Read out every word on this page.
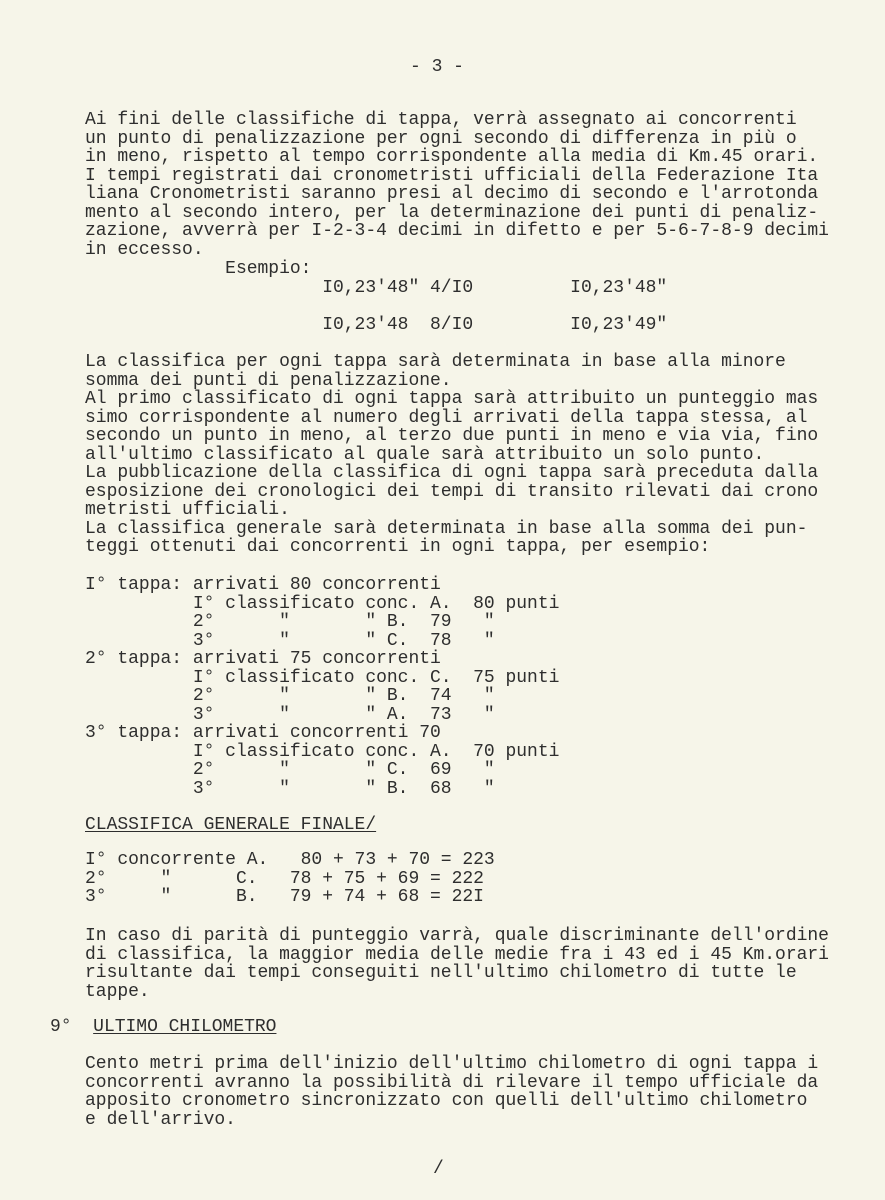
- 3 -
Ai fini delle classifiche di tappa, verrà assegnato ai concorrenti
un punto di penalizzazione per ogni secondo di differenza in più o
in meno, rispetto al tempo corrispondente alla media di Km.45 orari.
I tempi registrati dai cronometristi ufficiali della Federazione Ita
liana Cronometristi saranno presi al decimo di secondo e l'arrotonda
mento al secondo intero, per la determinazione dei punti di penaliz-
zazione, avverrà per I-2-3-4 decimi in difetto e per 5-6-7-8-9 decimi
in eccesso.
Esempio:
I0,23'48" 4/I0         I0,23'48"
I0,23'48  8/I0         I0,23'49"
La classifica per ogni tappa sarà determinata in base alla minore
somma dei punti di penalizzazione.
Al primo classificato di ogni tappa sarà attribuito un punteggio mas
simo corrispondente al numero degli arrivati della tappa stessa, al
secondo un punto in meno, al terzo due punti in meno e via via, fino
all'ultimo classificato al quale sarà attribuito un solo punto.
La pubblicazione della classifica di ogni tappa sarà preceduta dalla
esposizione dei cronologici dei tempi di transito rilevati dai crono
metristi ufficiali.
La classifica generale sarà determinata in base alla somma dei pun-
teggi ottenuti dai concorrenti in ogni tappa, per esempio:
I° tappa: arrivati 80 concorrenti
I° classificato conc. A.  80 punti
2°      "       " B.  79   "
3°      "       " C.  78   "
2° tappa: arrivati 75 concorrenti
I° classificato conc. C.  75 punti
2°      "       " B.  74   "
3°      "       " A.  73   "
3° tappa: arrivati concorrenti 70
I° classificato conc. A.  70 punti
2°      "       " C.  69   "
3°      "       " B.  68   "
CLASSIFICA GENERALE FINALE/
I° concorrente A.   80 + 73 + 70 = 223
2°     "      C.   78 + 75 + 69 = 222
3°     "      B.   79 + 74 + 68 = 22I
In caso di parità di punteggio varrà, quale discriminante dell'ordine
di classifica, la maggior media delle medie fra i 43 ed i 45 Km.orari
risultante dai tempi conseguiti nell'ultimo chilometro di tutte le
tappe.
9° ULTIMO CHILOMETRO
Cento metri prima dell'inizio dell'ultimo chilometro di ogni tappa i
concorrenti avranno la possibilità di rilevare il tempo ufficiale da
apposito cronometro sincronizzato con quelli dell'ultimo chilometro
e dell'arrivo.
/
